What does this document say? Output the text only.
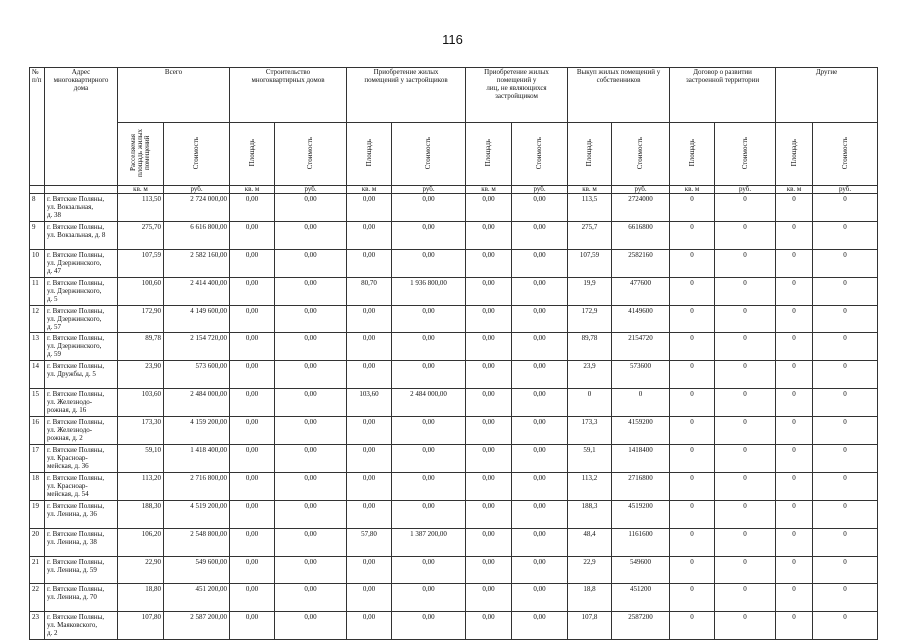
116
№
п/п	Адрес
многоквартирного
дома	Всего		Строительство
многоквартирных домов		Приобретение жилых
помещений у застройщиков		Приобретение жилых
помещений у
лиц, не являющихся
застройщиком		Выкуп жилых помещений у
собственников		Договор о развитии
застроенной территории		Другие	
		Расселяемая площадь жилых помещений	Стоимость	Площадь	Стоимость	Площадь	Стоимость	Площадь	Стоимость	Площадь	Стоимость	Площадь	Стоимость	Площадь	Стоимость
		кв. м	руб.	кв. м	руб.	кв. м	руб.	кв. м	руб.	кв. м	руб.	кв. м	руб.	кв. м	руб.
8	г. Вятские Поляны,
ул. Вокзальная,
д. 38	113,50	2 724 000,00	0,00	0,00	0,00	0,00	0,00	0,00	113,5	2724000	0	0	0	0
9	г. Вятские Поляны,
ул. Вокзальная, д. 8	275,70	6 616 800,00	0,00	0,00	0,00	0,00	0,00	0,00	275,7	6616800	0	0	0	0
10	г. Вятские Поляны,
ул. Дзержинского,
д. 47	107,59	2 582 160,00	0,00	0,00	0,00	0,00	0,00	0,00	107,59	2582160	0	0	0	0
11	г. Вятские Поляны,
ул. Дзержинского,
д. 5	100,60	2 414 400,00	0,00	0,00	80,70	1 936 800,00	0,00	0,00	19,9	477600	0	0	0	0
12	г. Вятские Поляны,
ул. Дзержинского,
д. 57	172,90	4 149 600,00	0,00	0,00	0,00	0,00	0,00	0,00	172,9	4149600	0	0	0	0
13	г. Вятские Поляны,
ул. Дзержинского,
д. 59	89,78	2 154 720,00	0,00	0,00	0,00	0,00	0,00	0,00	89,78	2154720	0	0	0	0
14	г. Вятские Поляны,
ул. Дружбы, д. 5	23,90	573 600,00	0,00	0,00	0,00	0,00	0,00	0,00	23,9	573600	0	0	0	0
15	г. Вятские Поляны,
ул. Железнодо-
рожная, д. 16	103,60	2 484 000,00	0,00	0,00	103,60	2 484 000,00	0,00	0,00	0	0	0	0	0	0
16	г. Вятские Поляны,
ул. Железнодо-
рожная, д. 2	173,30	4 159 200,00	0,00	0,00	0,00	0,00	0,00	0,00	173,3	4159200	0	0	0	0
17	г. Вятские Поляны,
ул. Красноар-
мейская, д. 36	59,10	1 418 400,00	0,00	0,00	0,00	0,00	0,00	0,00	59,1	1418400	0	0	0	0
18	г. Вятские Поляны,
ул. Красноар-
мейская, д. 54	113,20	2 716 800,00	0,00	0,00	0,00	0,00	0,00	0,00	113,2	2716800	0	0	0	0
19	г. Вятские Поляны,
ул. Ленина, д. 36	188,30	4 519 200,00	0,00	0,00	0,00	0,00	0,00	0,00	188,3	4519200	0	0	0	0
20	г. Вятские Поляны,
ул. Ленина, д. 38	106,20	2 548 800,00	0,00	0,00	57,80	1 387 200,00	0,00	0,00	48,4	1161600	0	0	0	0
21	г. Вятские Поляны,
ул. Ленина, д. 59	22,90	549 600,00	0,00	0,00	0,00	0,00	0,00	0,00	22,9	549600	0	0	0	0
22	г. Вятские Поляны,
ул. Ленина, д. 70	18,80	451 200,00	0,00	0,00	0,00	0,00	0,00	0,00	18,8	451200	0	0	0	0
23	г. Вятские Поляны,
ул. Маяковского,
д. 2	107,80	2 587 200,00	0,00	0,00	0,00	0,00	0,00	0,00	107,8	2587200	0	0	0	0
